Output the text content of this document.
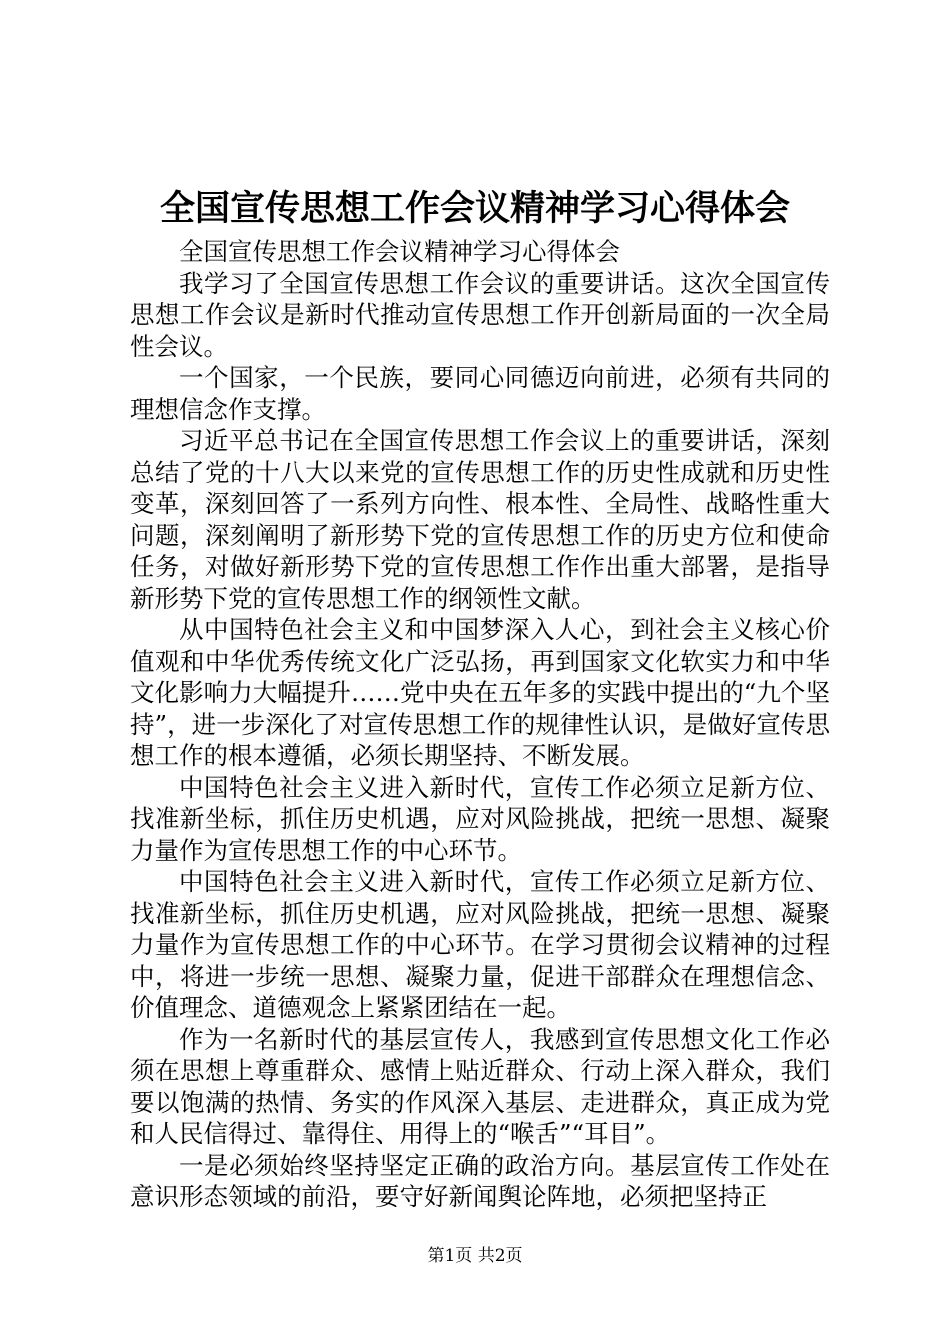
全国宣传思想工作会议精神学习心得体会

全国宣传思想工作会议精神学习心得体会

我学习了全国宣传思想工作会议的重要讲话。这次全国宣传思想工作会议是新时代推动宣传思想工作开创新局面的一次全局性会议。

一个国家，一个民族，要同心同德迈向前进，必须有共同的理想信念作支撑。

习近平总书记在全国宣传思想工作会议上的重要讲话，深刻总结了党的十八大以来党的宣传思想工作的历史性成就和历史性变革，深刻回答了一系列方向性、根本性、全局性、战略性重大问题，深刻阐明了新形势下党的宣传思想工作的历史方位和使命任务，对做好新形势下党的宣传思想工作作出重大部署，是指导新形势下党的宣传思想工作的纲领性文献。

从中国特色社会主义和中国梦深入人心，到社会主义核心价值观和中华优秀传统文化广泛弘扬，再到国家文化软实力和中华文化影响力大幅提升……党中央在五年多的实践中提出的“九个坚持”，进一步深化了对宣传思想工作的规律性认识，是做好宣传思想工作的根本遵循，必须长期坚持、不断发展。

中国特色社会主义进入新时代，宣传工作必须立足新方位、找准新坐标，抓住历史机遇，应对风险挑战，把统一思想、凝聚力量作为宣传思想工作的中心环节。

中国特色社会主义进入新时代，宣传工作必须立足新方位、找准新坐标，抓住历史机遇，应对风险挑战，把统一思想、凝聚力量作为宣传思想工作的中心环节。在学习贯彻会议精神的过程中，将进一步统一思想、凝聚力量，促进干部群众在理想信念、价值理念、道德观念上紧紧团结在一起。

作为一名新时代的基层宣传人，我感到宣传思想文化工作必须在思想上尊重群众、感情上贴近群众、行动上深入群众，我们要以饱满的热情、务实的作风深入基层、走进群众，真正成为党和人民信得过、靠得住、用得上的“喉舌”“耳目”。

一是必须始终坚持坚定正确的政治方向。基层宣传工作处在意识形态领域的前沿，要守好新闻舆论阵地，必须把坚持正

第1页 共2页
